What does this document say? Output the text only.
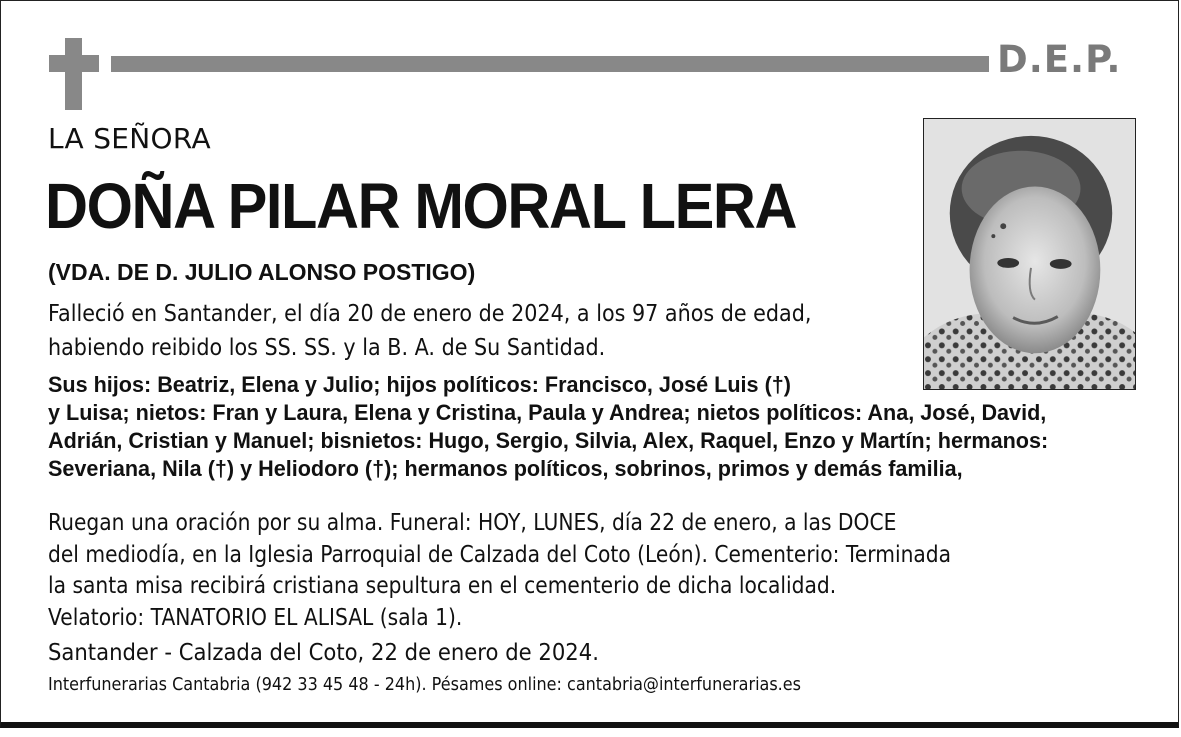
D.E.P.
LA SEÑORA
DOÑA PILAR MORAL LERA
(VDA. DE D. JULIO ALONSO POSTIGO)
Falleció en Santander, el día 20 de enero de 2024, a los 97 años de edad,
habiendo reibido los SS. SS. y la B. A. de Su Santidad.
Sus hijos: Beatriz, Elena y Julio; hijos políticos: Francisco, José Luis (†)
y Luisa; nietos: Fran y Laura, Elena y Cristina, Paula y Andrea; nietos políticos: Ana, José, David,
Adrián, Cristian y Manuel; bisnietos: Hugo, Sergio, Silvia, Alex, Raquel, Enzo y Martín; hermanos:
Severiana, Nila (†) y Heliodoro (†); hermanos políticos, sobrinos, primos y demás familia,
Ruegan una oración por su alma. Funeral: HOY, LUNES, día 22 de enero, a las DOCE
del mediodía, en la Iglesia Parroquial de Calzada del Coto (León). Cementerio: Terminada
la santa misa recibirá cristiana sepultura en el cementerio de dicha localidad.
Velatorio: TANATORIO EL ALISAL (sala 1).
Santander - Calzada del Coto, 22 de enero de 2024.
Interfunerarias Cantabria (942 33 45 48 - 24h). Pésames online: cantabria@interfunerarias.es
